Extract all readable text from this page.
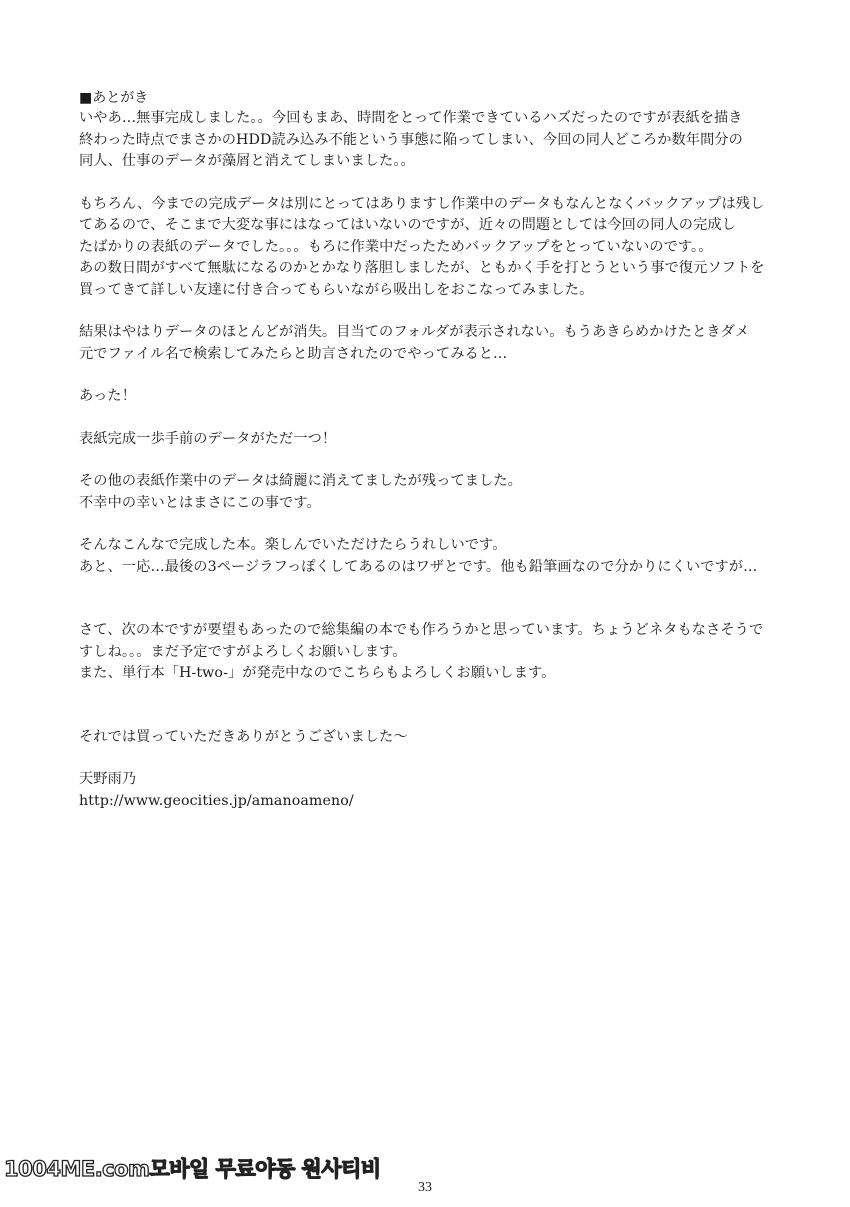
■あとがき
いやあ…無事完成しました。。今回もまあ、時間をとって作業できているハズだったのですが表紙を描き
終わった時点でまさかのHDD読み込み不能という事態に陥ってしまい、今回の同人どころか数年間分の
同人、仕事のデータが藻屑と消えてしまいました。。
もちろん、今までの完成データは別にとってはありますし作業中のデータもなんとなくバックアップは残し
てあるので、そこまで大変な事にはなってはいないのですが、近々の問題としては今回の同人の完成し
たばかりの表紙のデータでした。。。もろに作業中だったためバックアップをとっていないのです。。
あの数日間がすべて無駄になるのかとかなり落胆しましたが、ともかく手を打とうという事で復元ソフトを
買ってきて詳しい友達に付き合ってもらいながら吸出しをおこなってみました。
結果はやはりデータのほとんどが消失。目当てのフォルダが表示されない。もうあきらめかけたときダメ
元でファイル名で検索してみたらと助言されたのでやってみると…
あった！
表紙完成一歩手前のデータがただ一つ！
その他の表紙作業中のデータは綺麗に消えてましたが残ってました。
不幸中の幸いとはまさにこの事です。
そんなこんなで完成した本。楽しんでいただけたらうれしいです。
あと、一応…最後の3ページラフっぽくしてあるのはワザとです。他も鉛筆画なので分かりにくいですが…
さて、次の本ですが要望もあったので総集編の本でも作ろうかと思っています。ちょうどネタもなさそうで
すしね。。。まだ予定ですがよろしくお願いします。
また、単行本「H-two-」が発売中なのでこちらもよろしくお願いします。
それでは買っていただきありがとうございました～
天野雨乃
http://www.geocities.jp/amanoameno/
1004ME.com모바일 무료야동 원사티비
33
